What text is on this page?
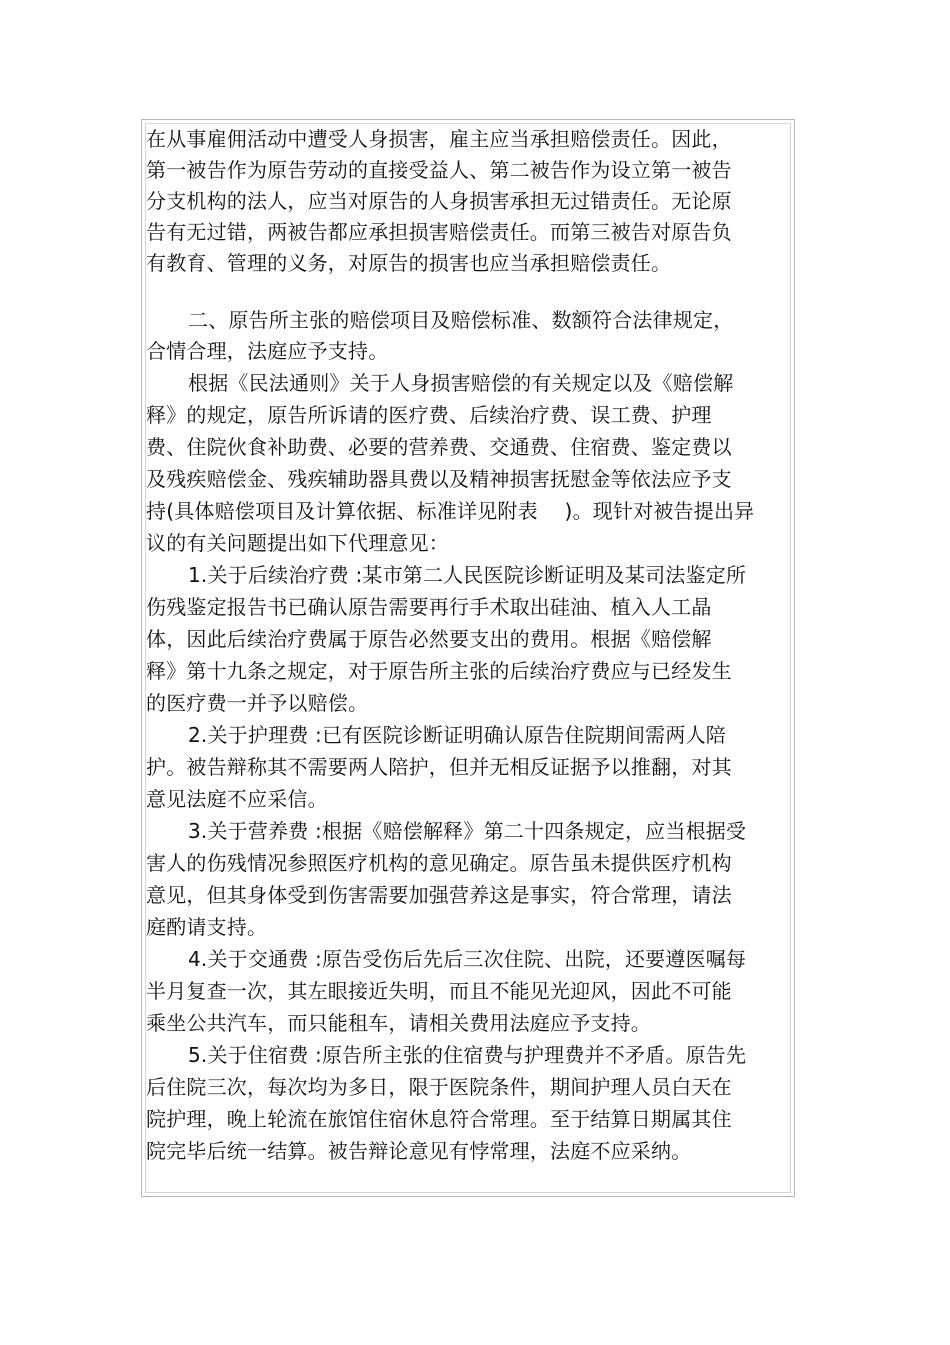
在从事雇佣活动中遭受人身损害，雇主应当承担赔偿责任。因此，
第一被告作为原告劳动的直接受益人、第二被告作为设立第一被告
分支机构的法人，应当对原告的人身损害承担无过错责任。无论原
告有无过错，两被告都应承担损害赔偿责任。而第三被告对原告负
有教育、管理的义务，对原告的损害也应当承担赔偿责任。
二、原告所主张的赔偿项目及赔偿标准、数额符合法律规定，
合情合理，法庭应予支持。
根据《民法通则》关于人身损害赔偿的有关规定以及《赔偿解
释》的规定，原告所诉请的医疗费、后续治疗费、误工费、护理
费、住院伙食补助费、必要的营养费、交通费、住宿费、鉴定费以
及残疾赔偿金、残疾辅助器具费以及精神损害抚慰金等依法应予支
持(具体赔偿项目及计算依据、标准详见附表　 )。现针对被告提出异
议的有关问题提出如下代理意见：
1.关于后续治疗费 :某市第二人民医院诊断证明及某司法鉴定所
伤残鉴定报告书已确认原告需要再行手术取出硅油、植入人工晶
体，因此后续治疗费属于原告必然要支出的费用。根据《赔偿解
释》第十九条之规定，对于原告所主张的后续治疗费应与已经发生
的医疗费一并予以赔偿。
2.关于护理费 :已有医院诊断证明确认原告住院期间需两人陪
护。被告辩称其不需要两人陪护，但并无相反证据予以推翻，对其
意见法庭不应采信。
3.关于营养费 :根据《赔偿解释》第二十四条规定，应当根据受
害人的伤残情况参照医疗机构的意见确定。原告虽未提供医疗机构
意见，但其身体受到伤害需要加强营养这是事实，符合常理，请法
庭酌请支持。
4.关于交通费 :原告受伤后先后三次住院、出院，还要遵医嘱每
半月复查一次，其左眼接近失明，而且不能见光迎风，因此不可能
乘坐公共汽车，而只能租车，请相关费用法庭应予支持。
5.关于住宿费 :原告所主张的住宿费与护理费并不矛盾。原告先
后住院三次，每次均为多日，限于医院条件，期间护理人员白天在
院护理，晚上轮流在旅馆住宿休息符合常理。至于结算日期属其住
院完毕后统一结算。被告辩论意见有悖常理，法庭不应采纳。
